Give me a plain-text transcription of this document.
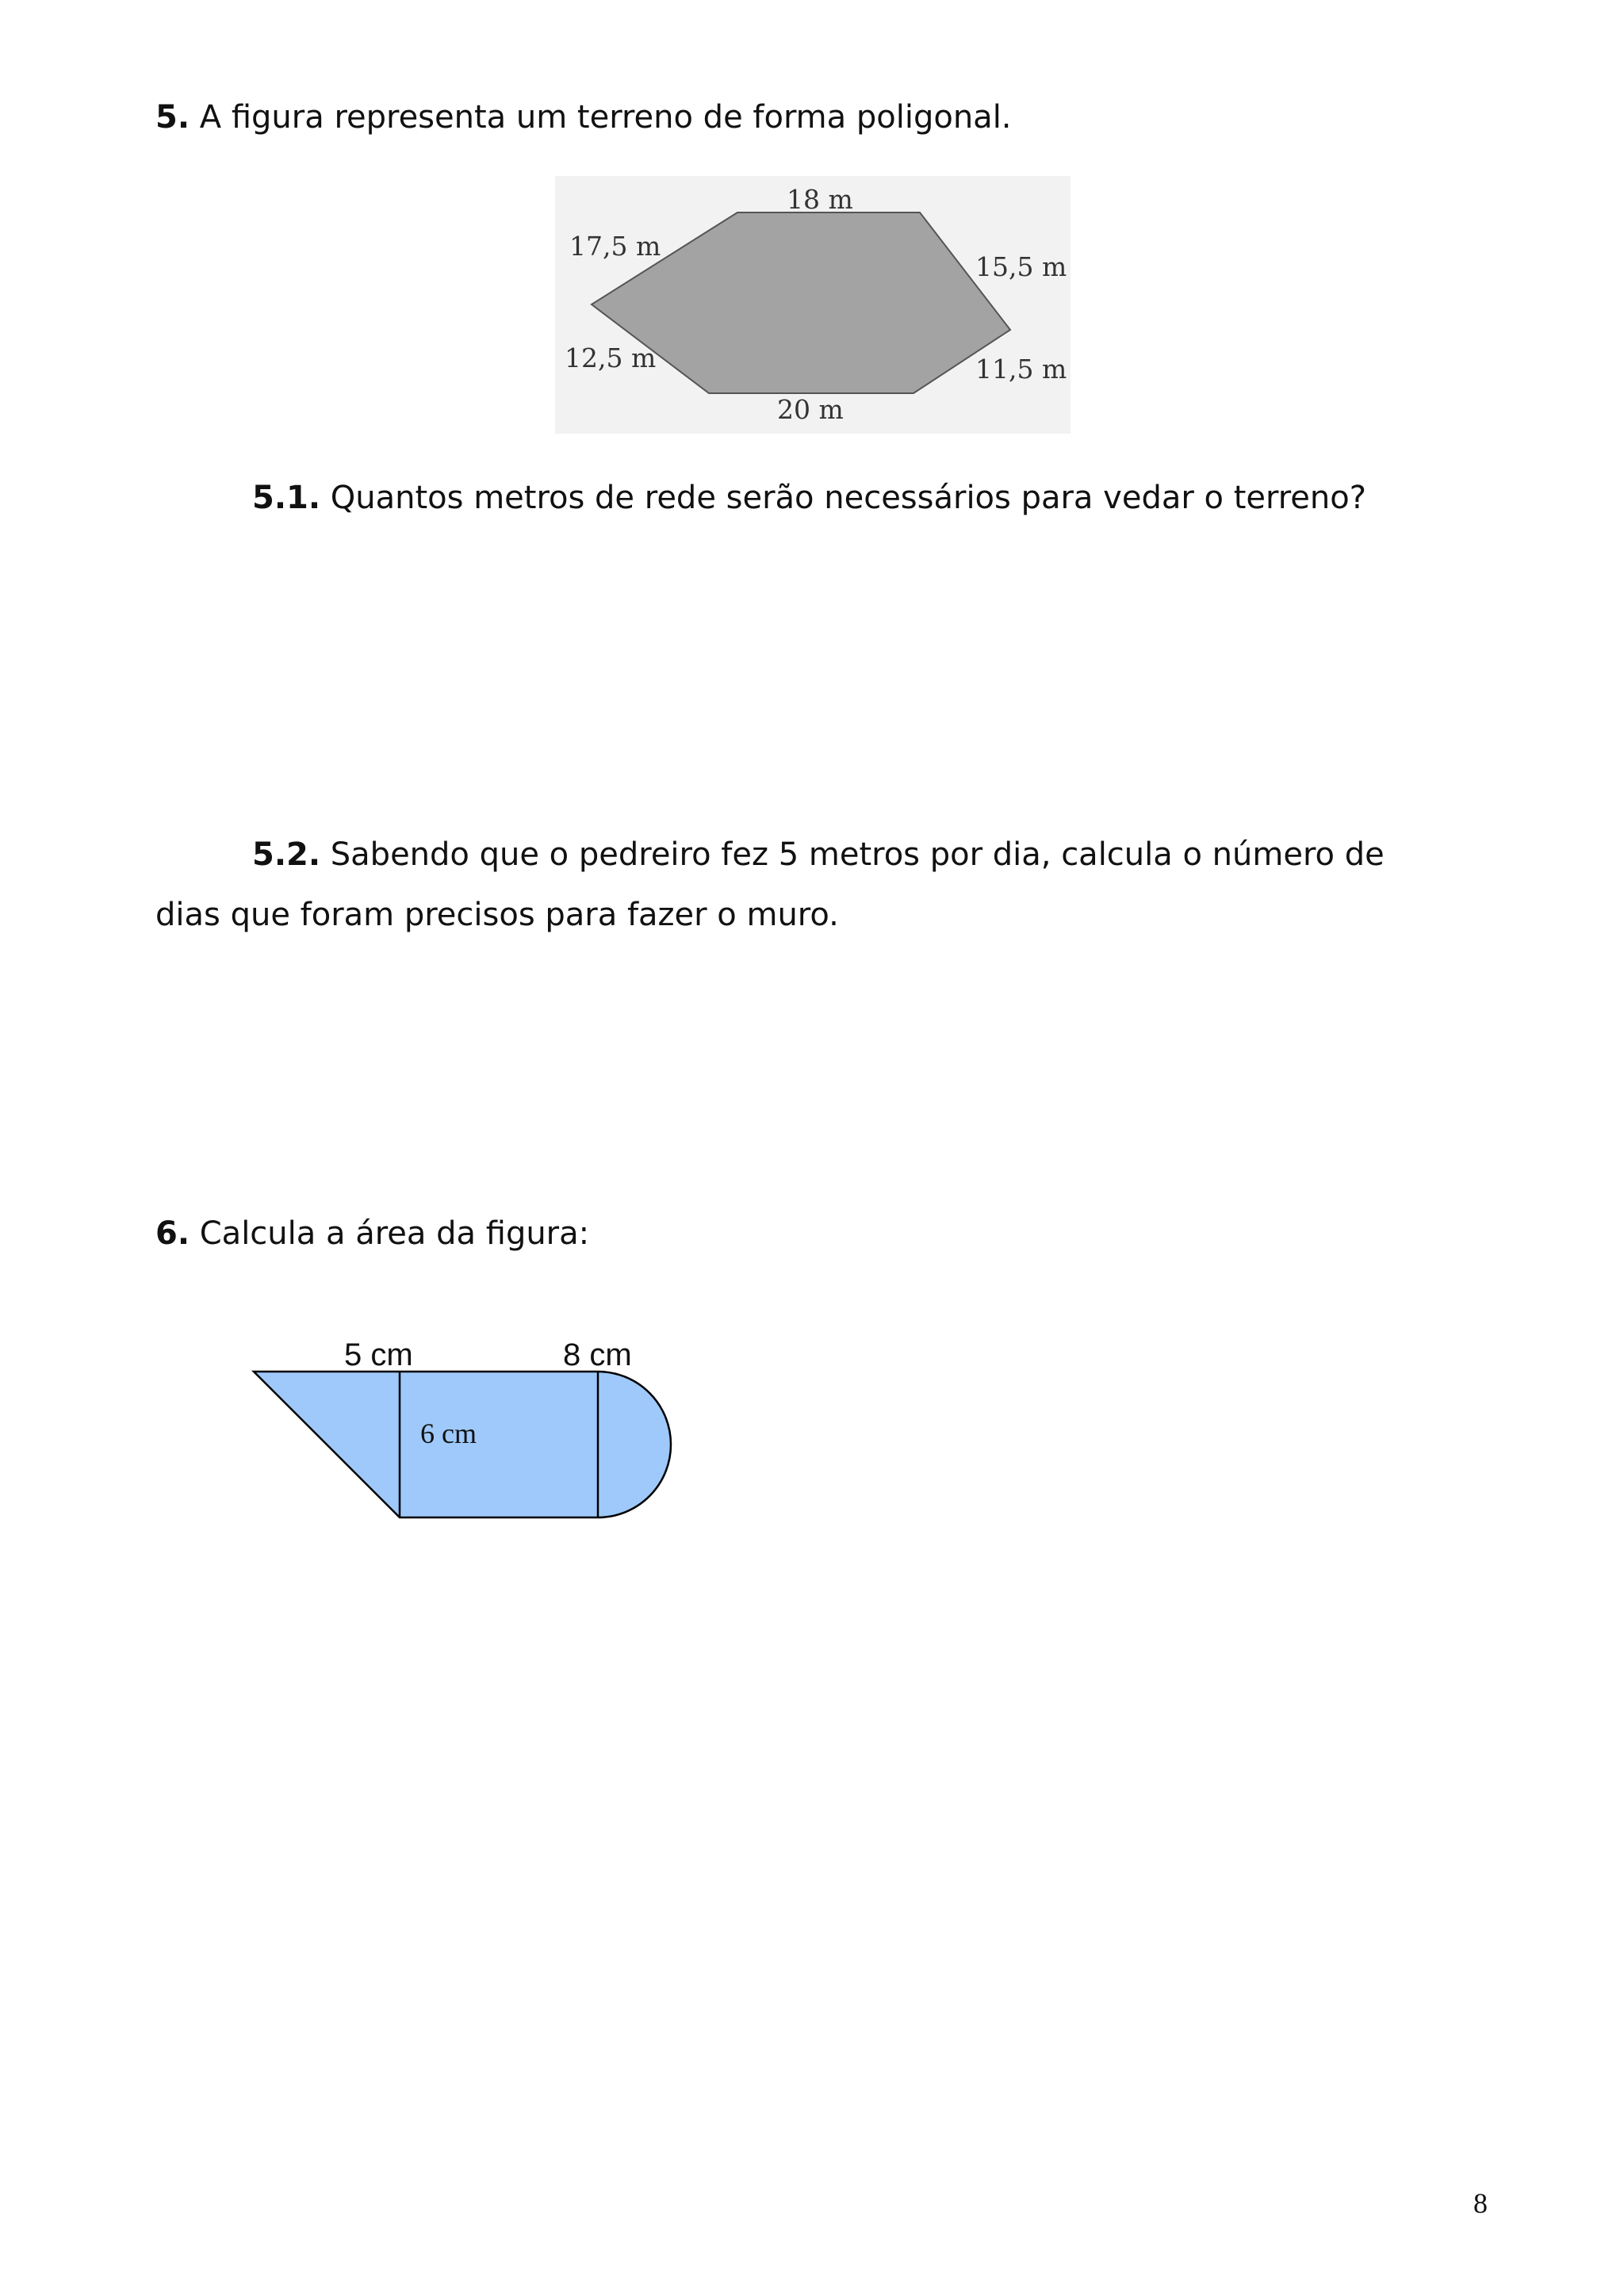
5. A figura representa um terreno de forma poligonal.
18 m
17,5 m
15,5 m
12,5 m	11,5 m
20 m
5.1. Quantos metros de rede serão necessários para vedar o terreno?
5.2. Sabendo que o pedreiro fez 5 metros por dia, calcula o número de
dias que foram precisos para fazer o muro.
6. Calcula a área da figura:
5 cm	8 cm
6 cm
8
